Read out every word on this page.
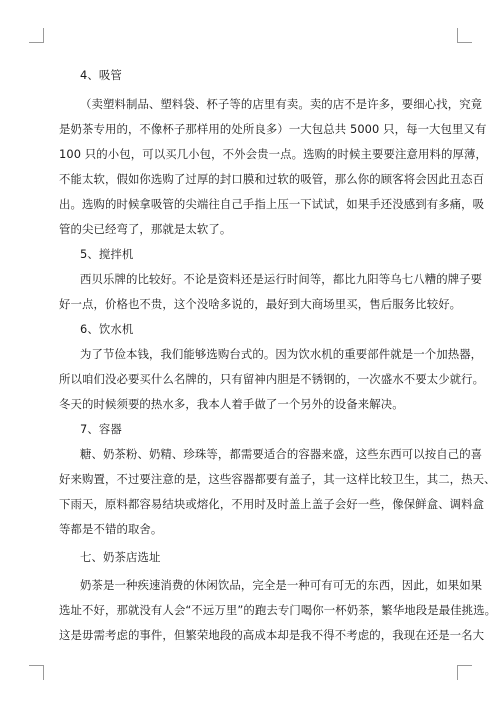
4、吸管
（卖塑料制品、塑料袋、杯子等的店里有卖。卖的店不是许多，要细心找，究竟
是奶茶专用的，不像杯子那样用的处所良多）一大包总共 5000 只，每一大包里又有
100 只的小包，可以买几小包，不外会贵一点。选购的时候主要要注意用料的厚薄，
不能太软，假如你选购了过厚的封口膜和过软的吸管，那么你的顾客将会因此丑态百
出。选购的时候拿吸管的尖端往自己手指上压一下试试，如果手还没感到有多痛，吸
管的尖已经弯了，那就是太软了。
5、搅拌机
西贝乐牌的比较好。不论是资料还是运行时间等，都比九阳等乌七八糟的牌子要
好一点，价格也不贵，这个没啥多说的，最好到大商场里买，售后服务比较好。
6、饮水机
为了节俭本钱，我们能够选购台式的。因为饮水机的重要部件就是一个加热器，
所以咱们没必要买什么名牌的，只有留神内胆是不锈钢的，一次盛水不要太少就行。
冬天的时候须要的热水多，我本人着手做了一个另外的设备来解决。
7、容器
糖、奶茶粉、奶精、珍珠等，都需要适合的容器来盛，这些东西可以按自己的喜
好来购置，不过要注意的是，这些容器都要有盖子，其一这样比较卫生，其二，热天、
下雨天，原料都容易结块或熔化，不用时及时盖上盖子会好一些，像保鲜盒、调料盒
等都是不错的取舍。
七、奶茶店选址
奶茶是一种疾速消费的休闲饮品，完全是一种可有可无的东西，因此，如果如果
选址不好，那就没有人会“不远万里”的跑去专门喝你一杯奶茶，繁华地段是最佳挑选。
这是毋需考虑的事件，但繁荣地段的高成本却是我不得不考虑的，我现在还是一名大
